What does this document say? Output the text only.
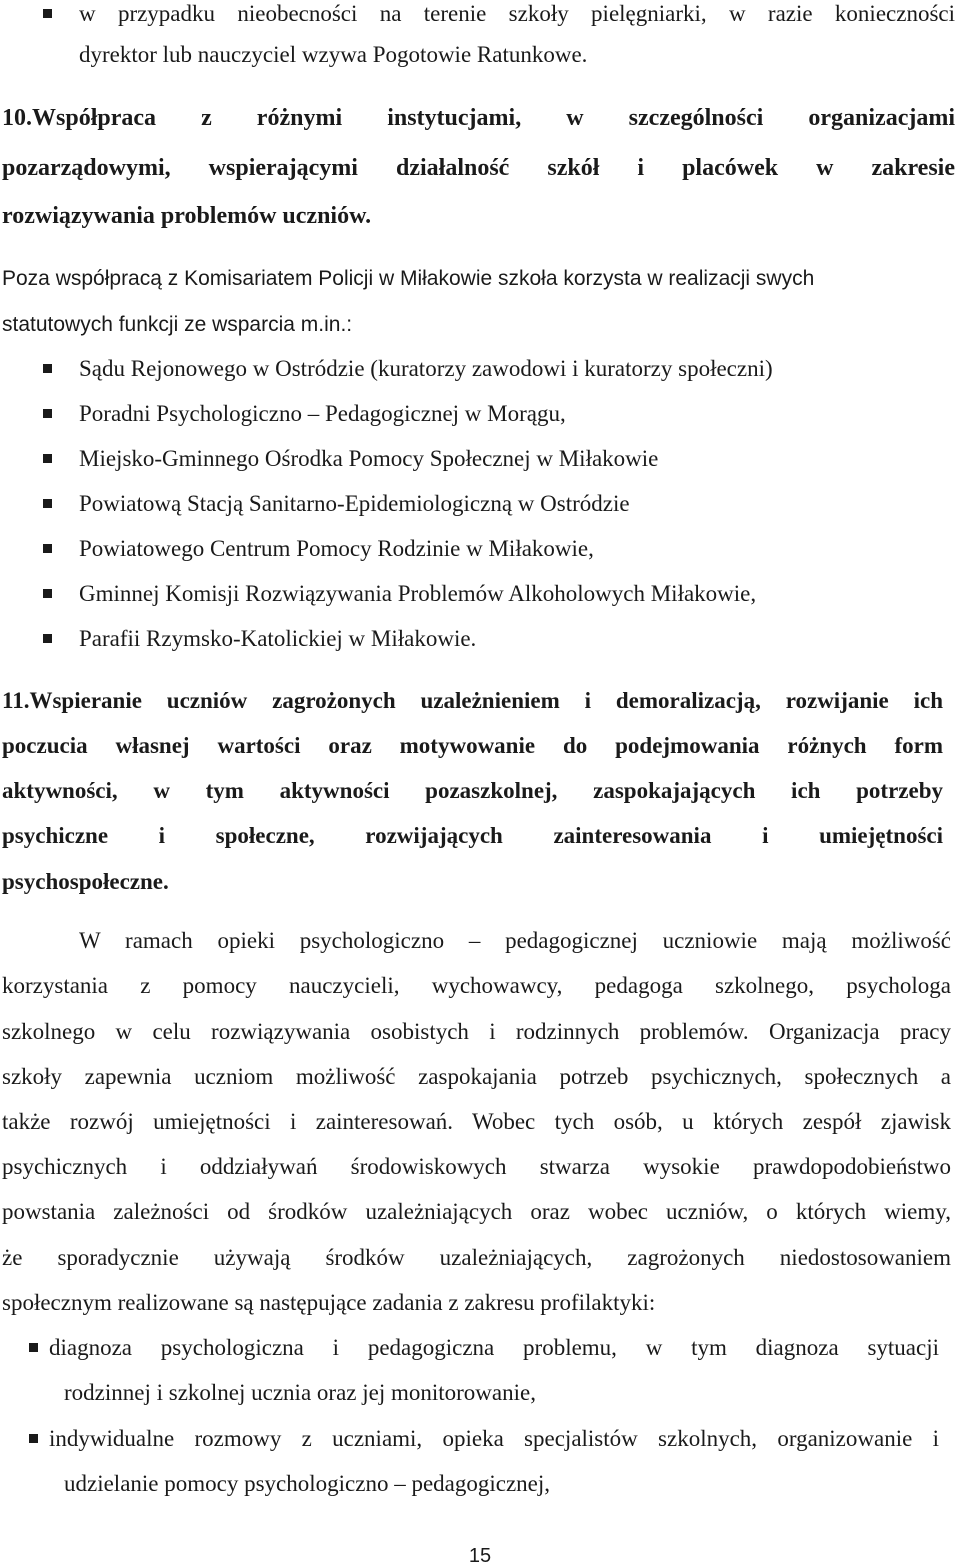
w przypadku nieobecności na terenie szkoły pielęgniarki, w razie konieczności
dyrektor lub nauczyciel wzywa Pogotowie Ratunkowe.
10.Współpraca z różnymi instytucjami, w szczególności organizacjami
pozarządowymi, wspierającymi działalność szkół i placówek w zakresie
rozwiązywania problemów uczniów.
Poza współpracą z Komisariatem Policji w Miłakowie szkoła korzysta w realizacji swych
statutowych funkcji ze wsparcia m.in.:
Sądu Rejonowego w Ostródzie (kuratorzy zawodowi i kuratorzy społeczni)
Poradni Psychologiczno – Pedagogicznej w Morągu,
Miejsko-Gminnego Ośrodka Pomocy Społecznej w Miłakowie
Powiatową Stacją Sanitarno-Epidemiologiczną w Ostródzie
Powiatowego Centrum Pomocy Rodzinie w Miłakowie,
Gminnej Komisji Rozwiązywania Problemów Alkoholowych Miłakowie,
Parafii Rzymsko-Katolickiej w Miłakowie.
11.Wspieranie uczniów zagrożonych uzależnieniem i demoralizacją, rozwijanie ich
poczucia własnej wartości oraz motywowanie do podejmowania różnych form
aktywności, w tym aktywności pozaszkolnej, zaspokajających ich potrzeby
psychiczne i społeczne, rozwijających zainteresowania i umiejętności
psychospołeczne.
W ramach opieki psychologiczno – pedagogicznej uczniowie mają możliwość
korzystania z pomocy nauczycieli, wychowawcy, pedagoga szkolnego, psychologa
szkolnego w celu rozwiązywania osobistych i rodzinnych problemów. Organizacja pracy
szkoły zapewnia uczniom możliwość zaspokajania potrzeb psychicznych, społecznych a
także rozwój umiejętności i zainteresowań. Wobec tych osób, u których zespół zjawisk
psychicznych i oddziaływań środowiskowych stwarza wysokie prawdopodobieństwo
powstania zależności od środków uzależniających oraz wobec uczniów, o których wiemy,
że sporadycznie używają środków uzależniających, zagrożonych niedostosowaniem
społecznym realizowane są następujące zadania z zakresu profilaktyki:
diagnoza psychologiczna i pedagogiczna problemu, w tym diagnoza sytuacji
rodzinnej i szkolnej ucznia oraz jej monitorowanie,
indywidualne rozmowy z uczniami, opieka specjalistów szkolnych, organizowanie i
udzielanie pomocy psychologiczno – pedagogicznej,
15
